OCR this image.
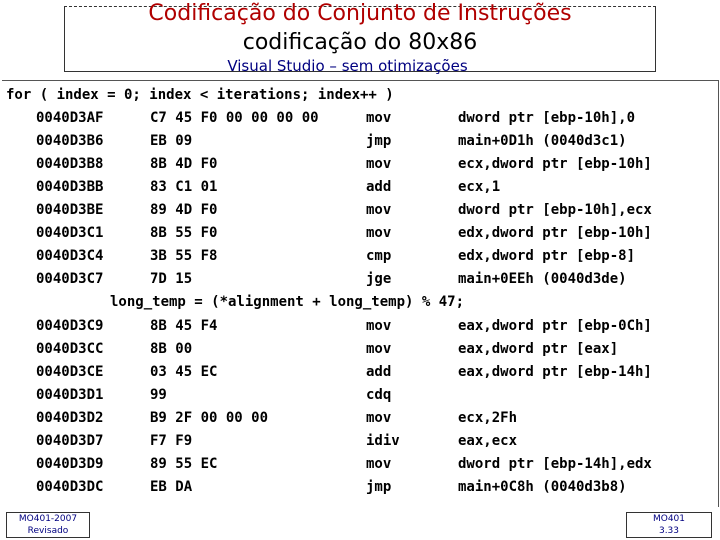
Codificação do Conjunto de Instruções
codificação do 80x86
Visual Studio – sem otimizações
for ( index = 0; index < iterations; index++ )
0040D3AF	C7 45 F0 00 00 00 00	mov	dword ptr [ebp-10h],0
0040D3B6	EB 09	jmp	main+0D1h (0040d3c1)
0040D3B8	8B 4D F0	mov	ecx,dword ptr [ebp-10h]
0040D3BB	83 C1 01	add	ecx,1
0040D3BE	89 4D F0	mov	dword ptr [ebp-10h],ecx
0040D3C1	8B 55 F0	mov	edx,dword ptr [ebp-10h]
0040D3C4	3B 55 F8	cmp	edx,dword ptr [ebp-8]
0040D3C7	7D 15	jge	main+0EEh (0040d3de)
long_temp = (*alignment + long_temp) % 47;
0040D3C9	8B 45 F4	mov	eax,dword ptr [ebp-0Ch]
0040D3CC	8B 00	mov	eax,dword ptr [eax]
0040D3CE	03 45 EC	add	eax,dword ptr [ebp-14h]
0040D3D1	99	cdq
0040D3D2	B9 2F 00 00 00	mov	ecx,2Fh
0040D3D7	F7 F9	idiv	eax,ecx
0040D3D9	89 55 EC	mov	dword ptr [ebp-14h],edx
0040D3DC	EB DA	jmp	main+0C8h (0040d3b8)
MO401-2007
Revisado
MO401
3.33
